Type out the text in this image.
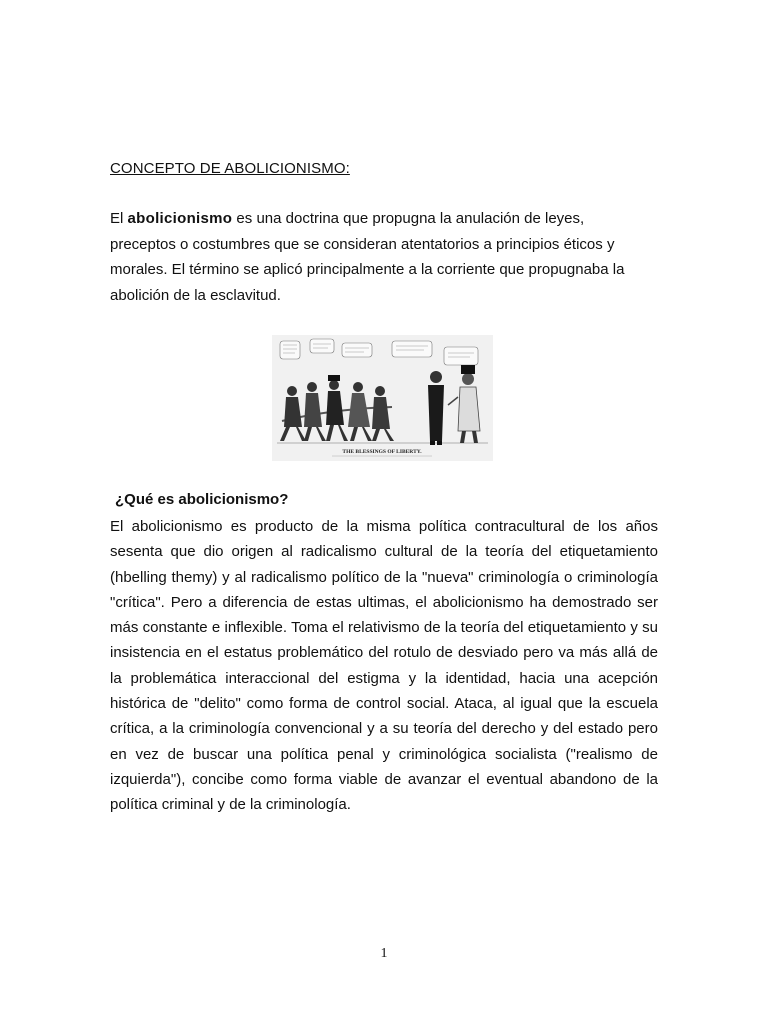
CONCEPTO DE ABOLICIONISMO:
El abolicionismo es una doctrina que propugna la anulación de leyes, preceptos o costumbres que se consideran atentatorios a principios éticos y morales. El término se aplicó principalmente a la corriente que propugnaba la abolición de la esclavitud.
THE BLESSINGS OF LIBERTY.
¿Qué es abolicionismo?
El abolicionismo es producto de la misma política contracultural de los años sesenta que dio origen al radicalismo cultural de la teoría del etiquetamiento (hbelling themy) y al radicalismo político de la "nueva" criminología o criminología "crítica". Pero a diferencia de estas ultimas, el abolicionismo ha demostrado ser más constante e inflexible. Toma el relativismo de la teoría del etiquetamiento y su insistencia en el estatus problemático del rotulo de desviado pero va más allá de la problemática interaccional del estigma y la identidad, hacia una acepción histórica de "delito" como forma de control social. Ataca, al igual que la escuela crítica, a la criminología convencional y a su teoría del derecho y del estado pero en vez de buscar una política penal y criminológica socialista ("realismo de izquierda"), concibe como forma viable de avanzar el eventual abandono de la política criminal y de la criminología.
1
